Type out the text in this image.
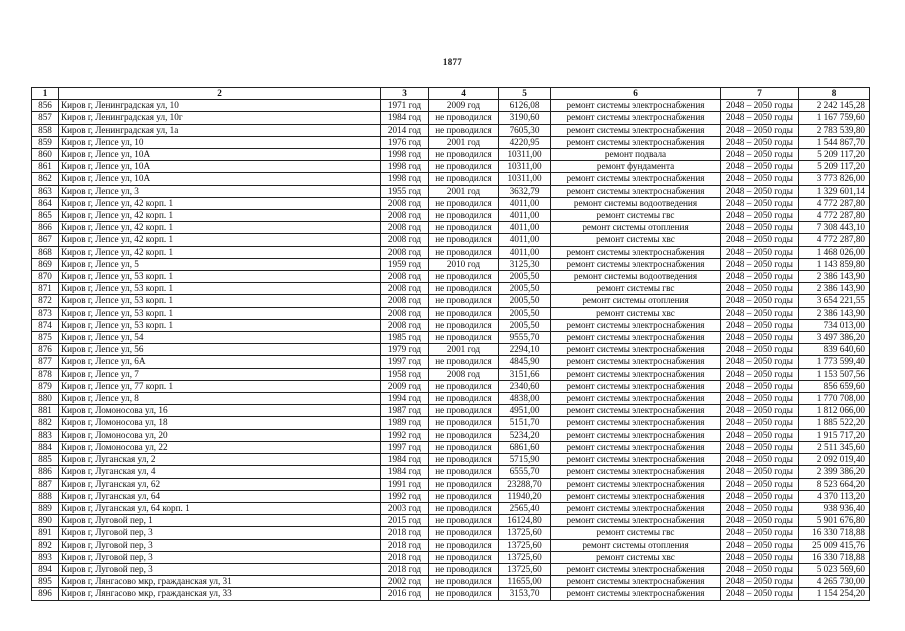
1877
1	2	3	4	5	6	7	8
856	Киров г, Ленинградская ул, 10	1971 год	2009 год	6126,08	ремонт системы электроснабжения	2048 – 2050 годы	2 242 145,28
857	Киров г, Ленинградская ул, 10г	1984 год	не проводился	3190,60	ремонт системы электроснабжения	2048 – 2050 годы	1 167 759,60
858	Киров г, Ленинградская ул, 1а	2014 год	не проводился	7605,30	ремонт системы электроснабжения	2048 – 2050 годы	2 783 539,80
859	Киров г, Лепсе ул, 10	1976 год	2001 год	4220,95	ремонт системы электроснабжения	2048 – 2050 годы	1 544 867,70
860	Киров г, Лепсе ул, 10А	1998 год	не проводился	10311,00	ремонт подвала	2048 – 2050 годы	5 209 117,20
861	Киров г, Лепсе ул, 10А	1998 год	не проводился	10311,00	ремонт фундамента	2048 – 2050 годы	5 209 117,20
862	Киров г, Лепсе ул, 10А	1998 год	не проводился	10311,00	ремонт системы электроснабжения	2048 – 2050 годы	3 773 826,00
863	Киров г, Лепсе ул, 3	1955 год	2001 год	3632,79	ремонт системы электроснабжения	2048 – 2050 годы	1 329 601,14
864	Киров г, Лепсе ул, 42 корп. 1	2008 год	не проводился	4011,00	ремонт системы водоотведения	2048 – 2050 годы	4 772 287,80
865	Киров г, Лепсе ул, 42 корп. 1	2008 год	не проводился	4011,00	ремонт системы гвс	2048 – 2050 годы	4 772 287,80
866	Киров г, Лепсе ул, 42 корп. 1	2008 год	не проводился	4011,00	ремонт системы отопления	2048 – 2050 годы	7 308 443,10
867	Киров г, Лепсе ул, 42 корп. 1	2008 год	не проводился	4011,00	ремонт системы хвс	2048 – 2050 годы	4 772 287,80
868	Киров г, Лепсе ул, 42 корп. 1	2008 год	не проводился	4011,00	ремонт системы электроснабжения	2048 – 2050 годы	1 468 026,00
869	Киров г, Лепсе ул, 5	1959 год	2010 год	3125,30	ремонт системы электроснабжения	2048 – 2050 годы	1 143 859,80
870	Киров г, Лепсе ул, 53 корп. 1	2008 год	не проводился	2005,50	ремонт системы водоотведения	2048 – 2050 годы	2 386 143,90
871	Киров г, Лепсе ул, 53 корп. 1	2008 год	не проводился	2005,50	ремонт системы гвс	2048 – 2050 годы	2 386 143,90
872	Киров г, Лепсе ул, 53 корп. 1	2008 год	не проводился	2005,50	ремонт системы отопления	2048 – 2050 годы	3 654 221,55
873	Киров г, Лепсе ул, 53 корп. 1	2008 год	не проводился	2005,50	ремонт системы хвс	2048 – 2050 годы	2 386 143,90
874	Киров г, Лепсе ул, 53 корп. 1	2008 год	не проводился	2005,50	ремонт системы электроснабжения	2048 – 2050 годы	734 013,00
875	Киров г, Лепсе ул, 54	1985 год	не проводился	9555,70	ремонт системы электроснабжения	2048 – 2050 годы	3 497 386,20
876	Киров г, Лепсе ул, 56	1979 год	2001 год	2294,10	ремонт системы электроснабжения	2048 – 2050 годы	839 640,60
877	Киров г, Лепсе ул, 6А	1997 год	не проводился	4845,90	ремонт системы электроснабжения	2048 – 2050 годы	1 773 599,40
878	Киров г, Лепсе ул, 7	1958 год	2008 год	3151,66	ремонт системы электроснабжения	2048 – 2050 годы	1 153 507,56
879	Киров г, Лепсе ул, 77 корп. 1	2009 год	не проводился	2340,60	ремонт системы электроснабжения	2048 – 2050 годы	856 659,60
880	Киров г, Лепсе ул, 8	1994 год	не проводился	4838,00	ремонт системы электроснабжения	2048 – 2050 годы	1 770 708,00
881	Киров г, Ломоносова ул, 16	1987 год	не проводился	4951,00	ремонт системы электроснабжения	2048 – 2050 годы	1 812 066,00
882	Киров г, Ломоносова ул, 18	1989 год	не проводился	5151,70	ремонт системы электроснабжения	2048 – 2050 годы	1 885 522,20
883	Киров г, Ломоносова ул, 20	1992 год	не проводился	5234,20	ремонт системы электроснабжения	2048 – 2050 годы	1 915 717,20
884	Киров г, Ломоносова ул, 22	1997 год	не проводился	6861,60	ремонт системы электроснабжения	2048 – 2050 годы	2 511 345,60
885	Киров г, Луганская ул, 2	1984 год	не проводился	5715,90	ремонт системы электроснабжения	2048 – 2050 годы	2 092 019,40
886	Киров г, Луганская ул, 4	1984 год	не проводился	6555,70	ремонт системы электроснабжения	2048 – 2050 годы	2 399 386,20
887	Киров г, Луганская ул, 62	1991 год	не проводился	23288,70	ремонт системы электроснабжения	2048 – 2050 годы	8 523 664,20
888	Киров г, Луганская ул, 64	1992 год	не проводился	11940,20	ремонт системы электроснабжения	2048 – 2050 годы	4 370 113,20
889	Киров г, Луганская ул, 64 корп. 1	2003 год	не проводился	2565,40	ремонт системы электроснабжения	2048 – 2050 годы	938 936,40
890	Киров г, Луговой пер, 1	2015 год	не проводился	16124,80	ремонт системы электроснабжения	2048 – 2050 годы	5 901 676,80
891	Киров г, Луговой пер, 3	2018 год	не проводился	13725,60	ремонт системы гвс	2048 – 2050 годы	16 330 718,88
892	Киров г, Луговой пер, 3	2018 год	не проводился	13725,60	ремонт системы отопления	2048 – 2050 годы	25 009 415,76
893	Киров г, Луговой пер, 3	2018 год	не проводился	13725,60	ремонт системы хвс	2048 – 2050 годы	16 330 718,88
894	Киров г, Луговой пер, 3	2018 год	не проводился	13725,60	ремонт системы электроснабжения	2048 – 2050 годы	5 023 569,60
895	Киров г, Лянгасово мкр, гражданская ул, 31	2002 год	не проводился	11655,00	ремонт системы электроснабжения	2048 – 2050 годы	4 265 730,00
896	Киров г, Лянгасово мкр, гражданская ул, 33	2016 год	не проводился	3153,70	ремонт системы электроснабжения	2048 – 2050 годы	1 154 254,20
